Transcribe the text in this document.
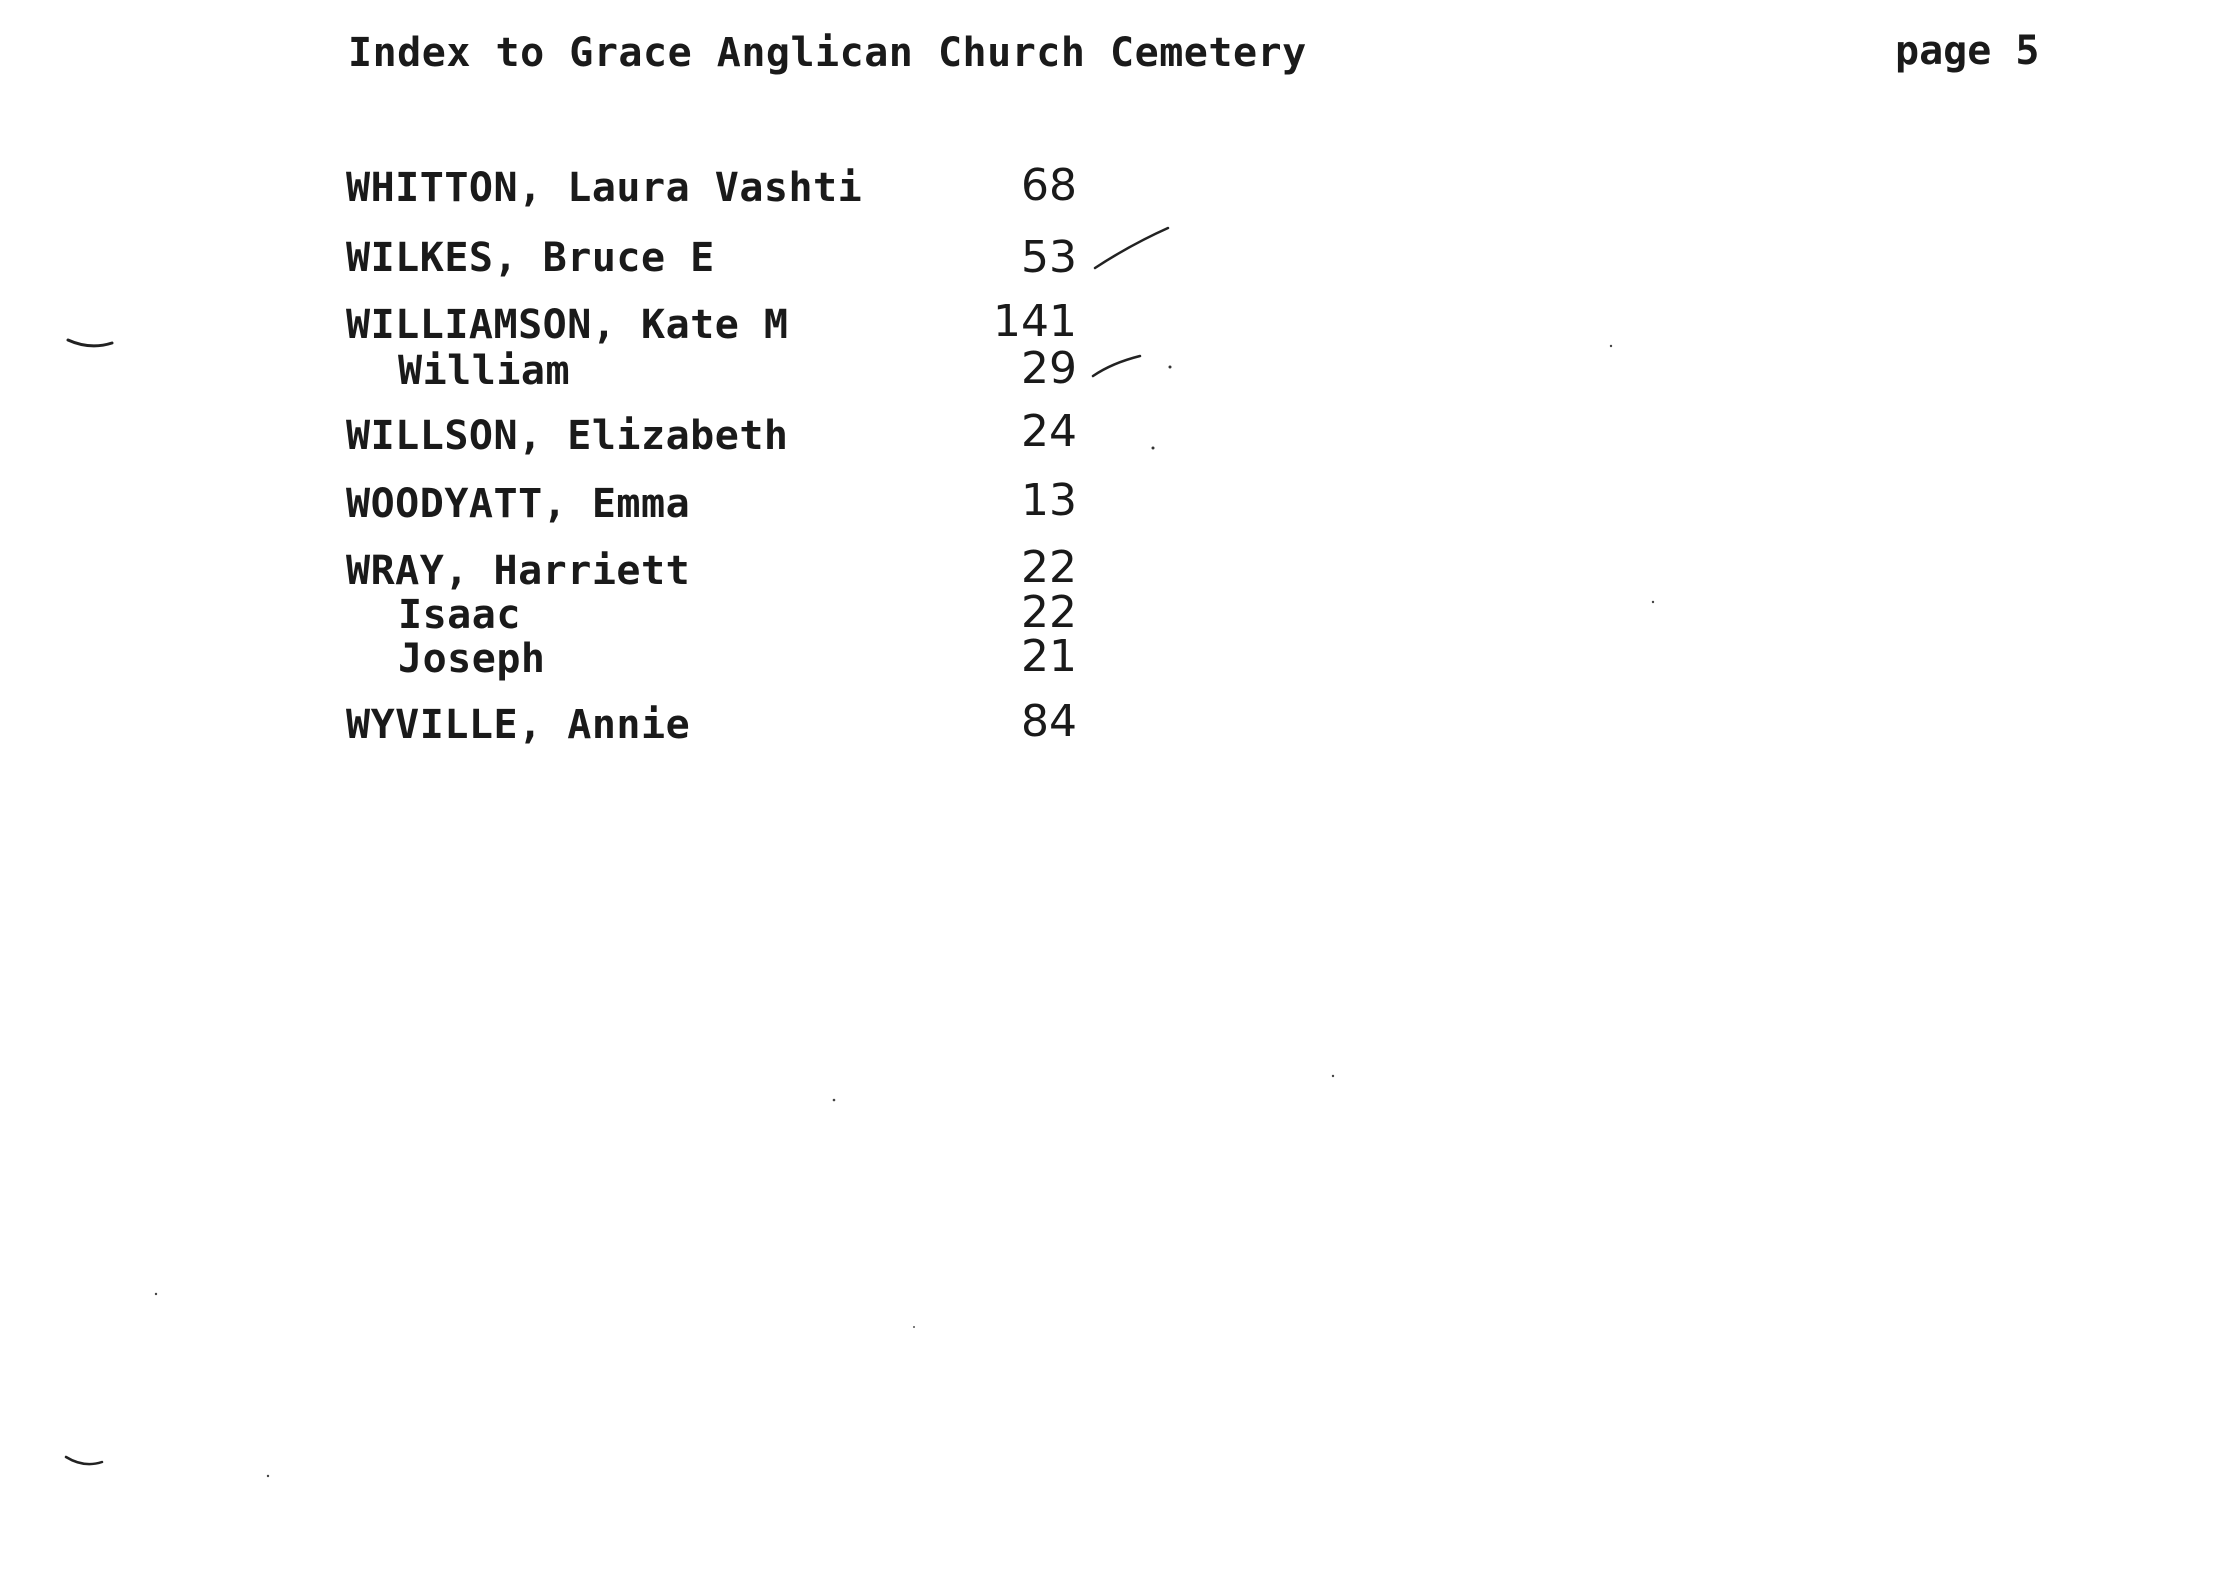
Index to Grace Anglican Church Cemetery	page 5
WHITTON, Laura Vashti	68
WILKES, Bruce E	53
WILLIAMSON, Kate M	141
William	29
WILLSON, Elizabeth	24
WOODYATT, Emma	13
WRAY, Harriett	22
Isaac	22
Joseph	21
WYVILLE, Annie	84
